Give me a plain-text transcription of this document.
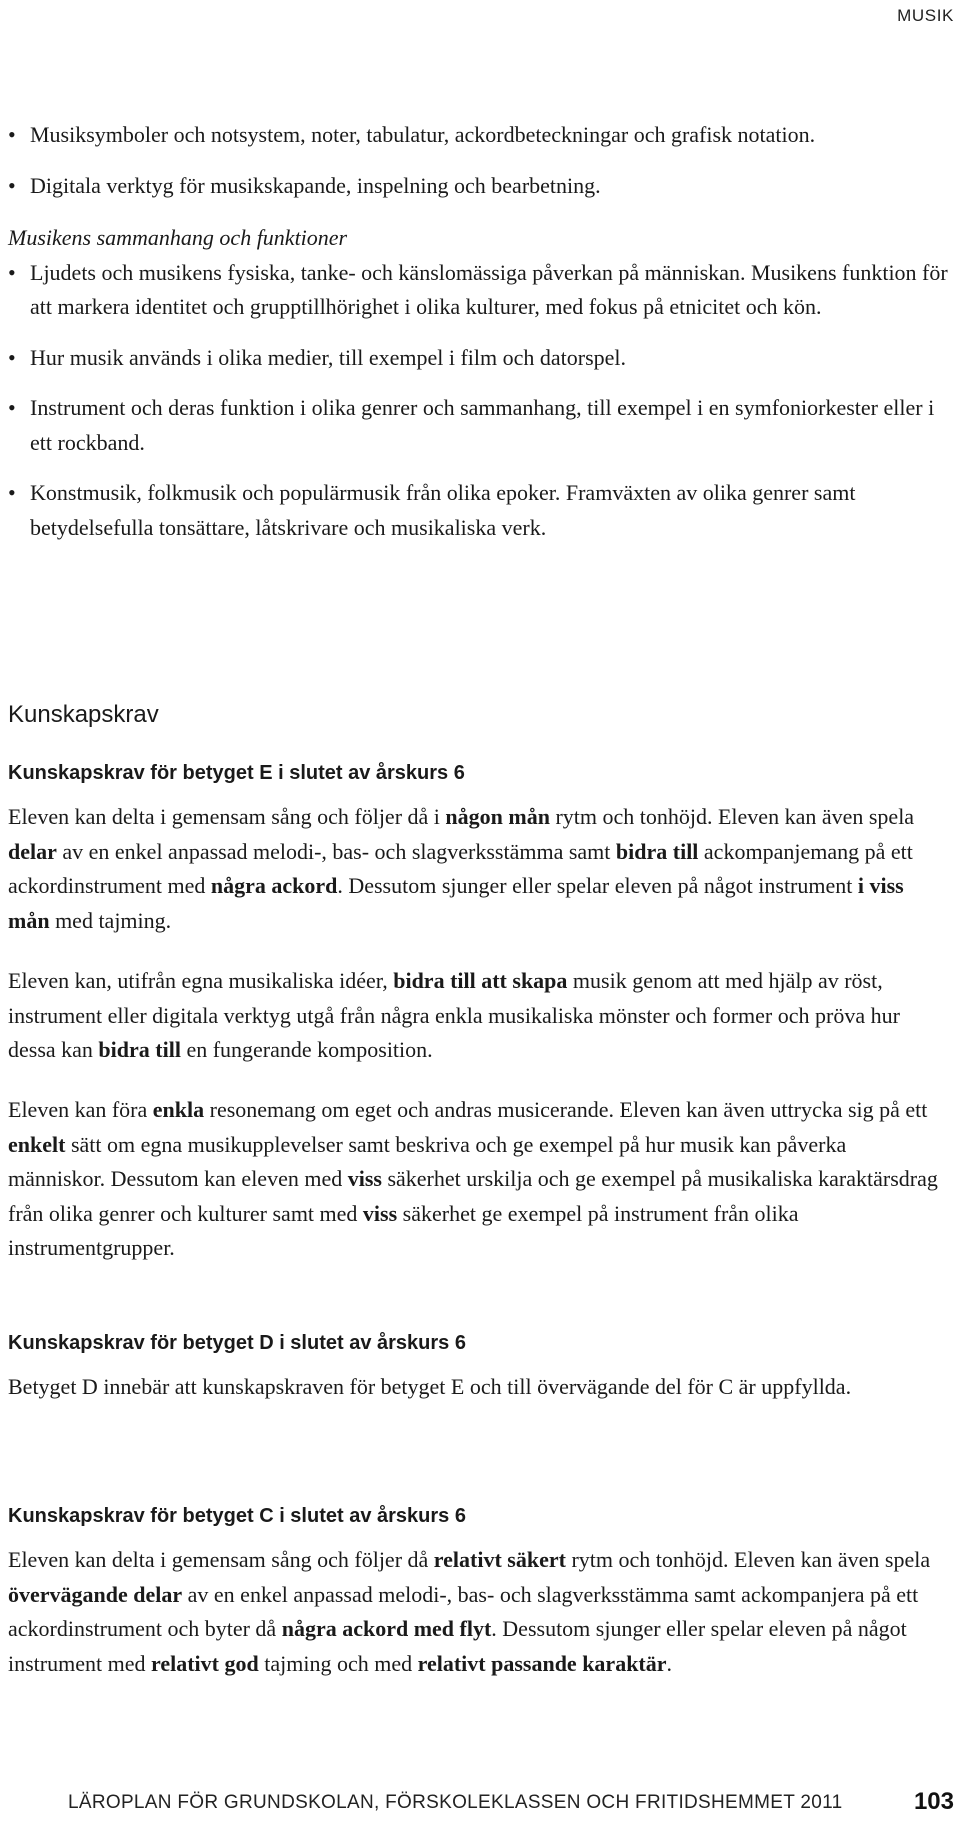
MUSIK
• Musiksymboler och notsystem, noter, tabulatur, ackordbeteckningar och grafisk notation.
• Digitala verktyg för musikskapande, inspelning och bearbetning.

Musikens sammanhang och funktioner

• Ljudets och musikens fysiska, tanke- och känslomässiga påverkan på människan. Musikens funktion för att markera identitet och grupptillhörighet i olika kulturer, med fokus på etnicitet och kön.
• Hur musik används i olika medier, till exempel i film och datorspel.
• Instrument och deras funktion i olika genrer och sammanhang, till exempel i en symfoniorkester eller i ett rockband.
• Konstmusik, folkmusik och populärmusik från olika epoker. Framväxten av olika genrer samt betydelsefulla tonsättare, låtskrivare och musikaliska verk.
Kunskapskrav
Kunskapskrav för betyget E i slutet av årskurs 6

Eleven kan delta i gemensam sång och följer då i någon mån rytm och tonhöjd. Eleven kan även spela delar av en enkel anpassad melodi-, bas- och slagverksstämma samt bidra till ackompanjemang på ett ackordinstrument med några ackord. Dessutom sjunger eller spelar eleven på något instrument i viss mån med tajming.

Eleven kan, utifrån egna musikaliska idéer, bidra till att skapa musik genom att med hjälp av röst, instrument eller digitala verktyg utgå från några enkla musikaliska mönster och former och pröva hur dessa kan bidra till en fungerande komposition.

Eleven kan föra enkla resonemang om eget och andras musicerande. Eleven kan även uttrycka sig på ett enkelt sätt om egna musikupplevelser samt beskriva och ge exempel på hur musik kan påverka människor. Dessutom kan eleven med viss säkerhet urskilja och ge exempel på musikaliska karaktärsdrag från olika genrer och kulturer samt med viss säkerhet ge exempel på instrument från olika instrumentgrupper.

Kunskapskrav för betyget D i slutet av årskurs 6

Betyget D innebär att kunskapskraven för betyget E och till övervägande del för C är uppfyllda.

Kunskapskrav för betyget C i slutet av årskurs 6

Eleven kan delta i gemensam sång och följer då relativt säkert rytm och tonhöjd. Eleven kan även spela övervägande delar av en enkel anpassad melodi-, bas- och slagverksstämma samt ackompanjera på ett ackordinstrument och byter då några ackord med flyt. Dessutom sjunger eller spelar eleven på något instrument med relativt god tajming och med relativt passande karaktär.

LÄROPLAN FÖR GRUNDSKOLAN, FÖRSKOLEKLASSEN OCH FRITIDSHEMMET 2011	103
